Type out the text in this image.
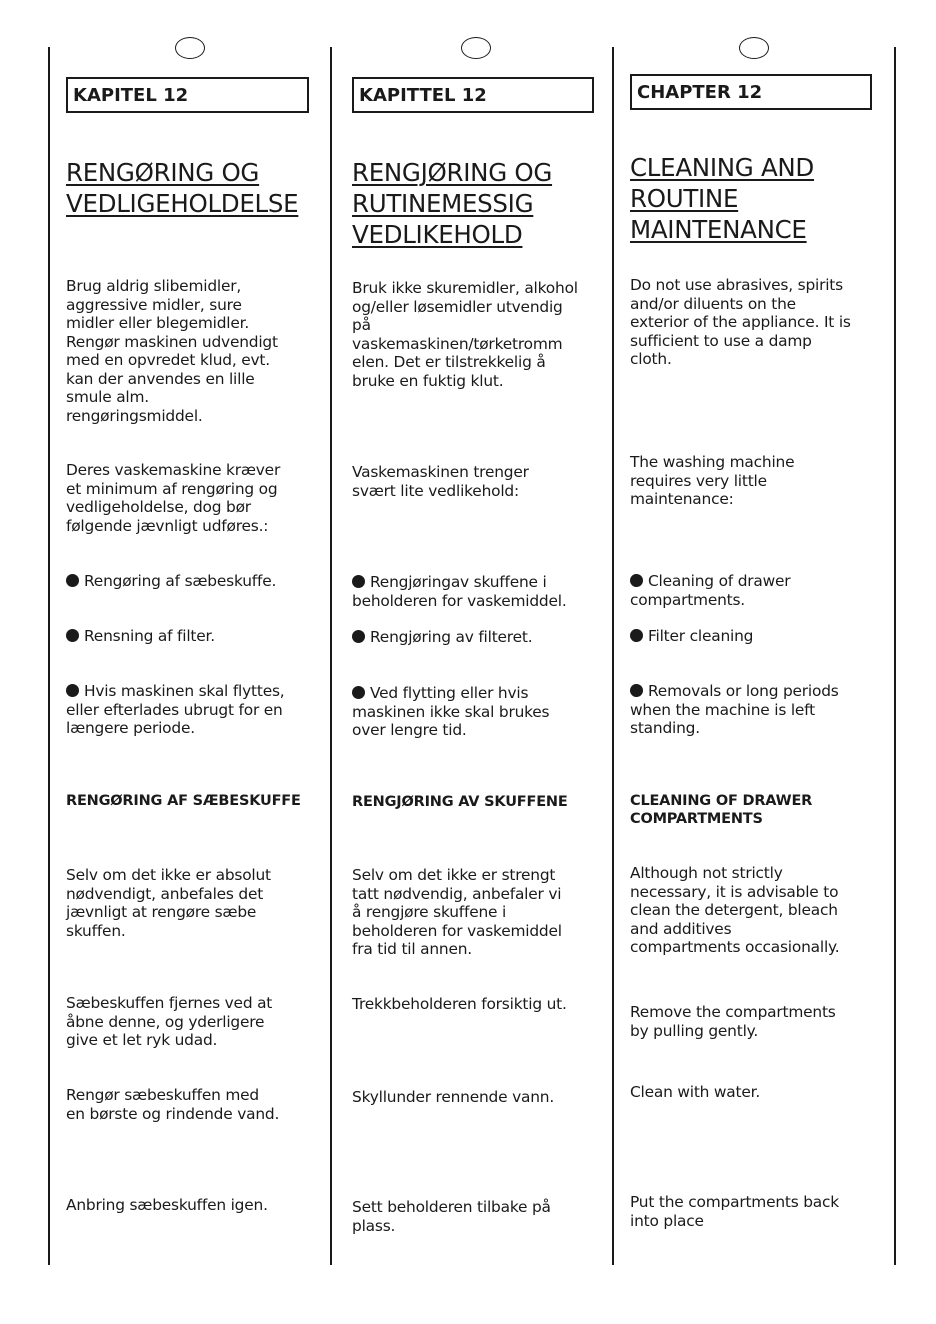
KAPITEL 12
RENGØRING OG
VEDLIGEHOLDELSE

Brug aldrig slibemidler,
aggressive midler, sure
midler eller blegemidler.
Rengør maskinen udvendigt
med en opvredet klud, evt.
kan der anvendes en lille
smule alm.
rengøringsmiddel.

Deres vaskemaskine kræver
et minimum af rengøring og
vedligeholdelse, dog bør
følgende jævnligt udføres.:

Rengøring af sæbeskuffe.

Rensning af filter.

Hvis maskinen skal flyttes,
eller efterlades ubrugt for en
længere periode.

RENGØRING AF SÆBESKUFFE

Selv om det ikke er absolut
nødvendigt, anbefales det
jævnligt at rengøre sæbe
skuffen.

Sæbeskuffen fjernes ved at
åbne denne, og yderligere
give et let ryk udad.

Rengør sæbeskuffen med
en børste og rindende vand.

Anbring sæbeskuffen igen.

KAPITTEL 12
RENGJØRING OG
RUTINEMESSIG
VEDLIKEHOLD

Bruk ikke skuremidler, alkohol
og/eller løsemidler utvendig
på
vaskemaskinen/tørketromm
elen. Det er tilstrekkelig å
bruke en fuktig klut.

Vaskemaskinen trenger
svært lite vedlikehold:

Rengjøringav skuffene i
beholderen for vaskemiddel.

Rengjøring av filteret.

Ved flytting eller hvis
maskinen ikke skal brukes
over lengre tid.

RENGJØRING AV SKUFFENE

Selv om det ikke er strengt
tatt nødvendig, anbefaler vi
å rengjøre skuffene i
beholderen for vaskemiddel
fra tid til annen.

Trekkbeholderen forsiktig ut.

Skyllunder rennende vann.

Sett beholderen tilbake på
plass.

CHAPTER 12
CLEANING AND
ROUTINE
MAINTENANCE

Do not use abrasives, spirits
and/or diluents on the
exterior of the appliance. It is
sufficient to use a damp
cloth.

The washing machine
requires very little
maintenance:

Cleaning of drawer
compartments.

Filter cleaning

Removals or long periods
when the machine is left
standing.

CLEANING OF DRAWER
COMPARTMENTS

Although not strictly
necessary, it is advisable to
clean the detergent, bleach
and additives
compartments occasionally.

Remove the compartments
by pulling gently.

Clean with water.

Put the compartments back
into place
